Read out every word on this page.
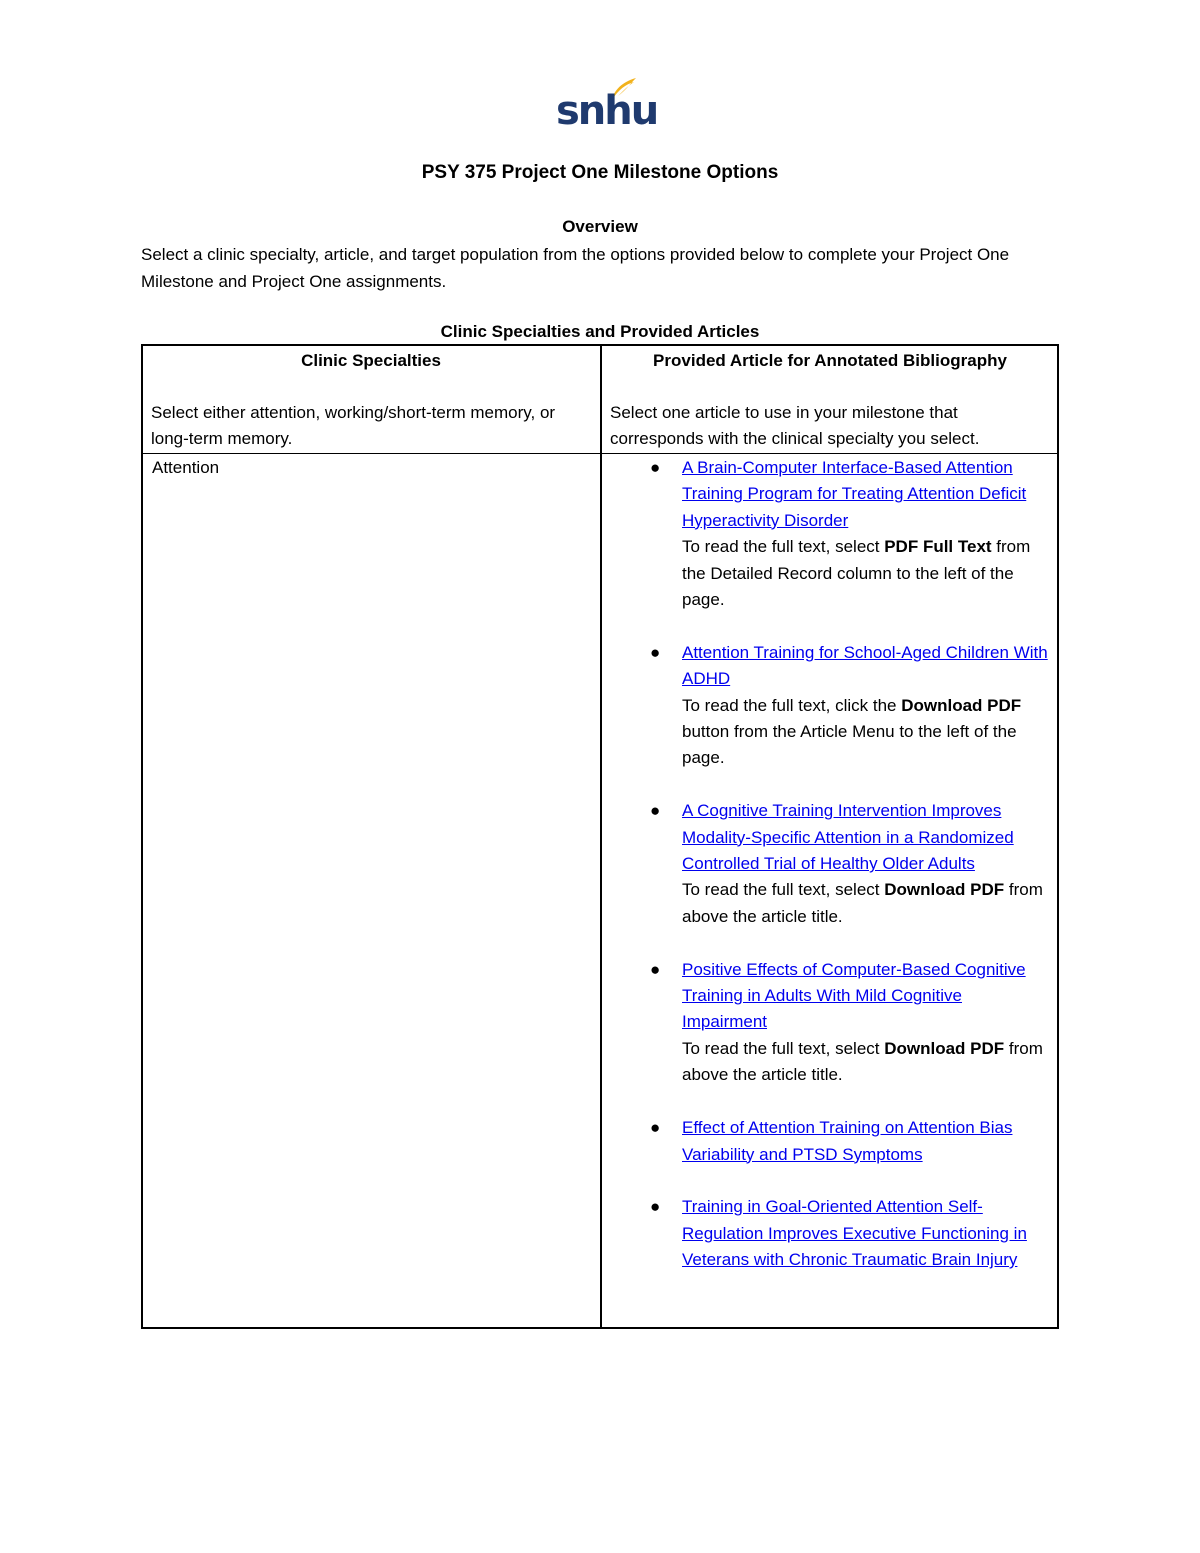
snhu
PSY 375 Project One Milestone Options
Overview
Select a clinic specialty, article, and target population from the options provided below to complete your Project One Milestone and Project One assignments.
Clinic Specialties and Provided Articles
Clinic Specialties
Select either attention, working/short-term memory, or long-term memory.
Provided Article for Annotated Bibliography
Select one article to use in your milestone that corresponds with the clinical specialty you select.
Attention	● A Brain-Computer Interface-Based Attention Training Program for Treating Attention Deficit Hyperactivity Disorder
To read the full text, select PDF Full Text from the Detailed Record column to the left of the page.
● Attention Training for School-Aged Children With ADHD
To read the full text, click the Download PDF button from the Article Menu to the left of the page.
● A Cognitive Training Intervention Improves Modality-Specific Attention in a Randomized Controlled Trial of Healthy Older Adults
To read the full text, select Download PDF from above the article title.
● Positive Effects of Computer-Based Cognitive Training in Adults With Mild Cognitive Impairment
To read the full text, select Download PDF from above the article title.
● Effect of Attention Training on Attention Bias Variability and PTSD Symptoms
● Training in Goal-Oriented Attention Self-Regulation Improves Executive Functioning in Veterans with Chronic Traumatic Brain Injury
